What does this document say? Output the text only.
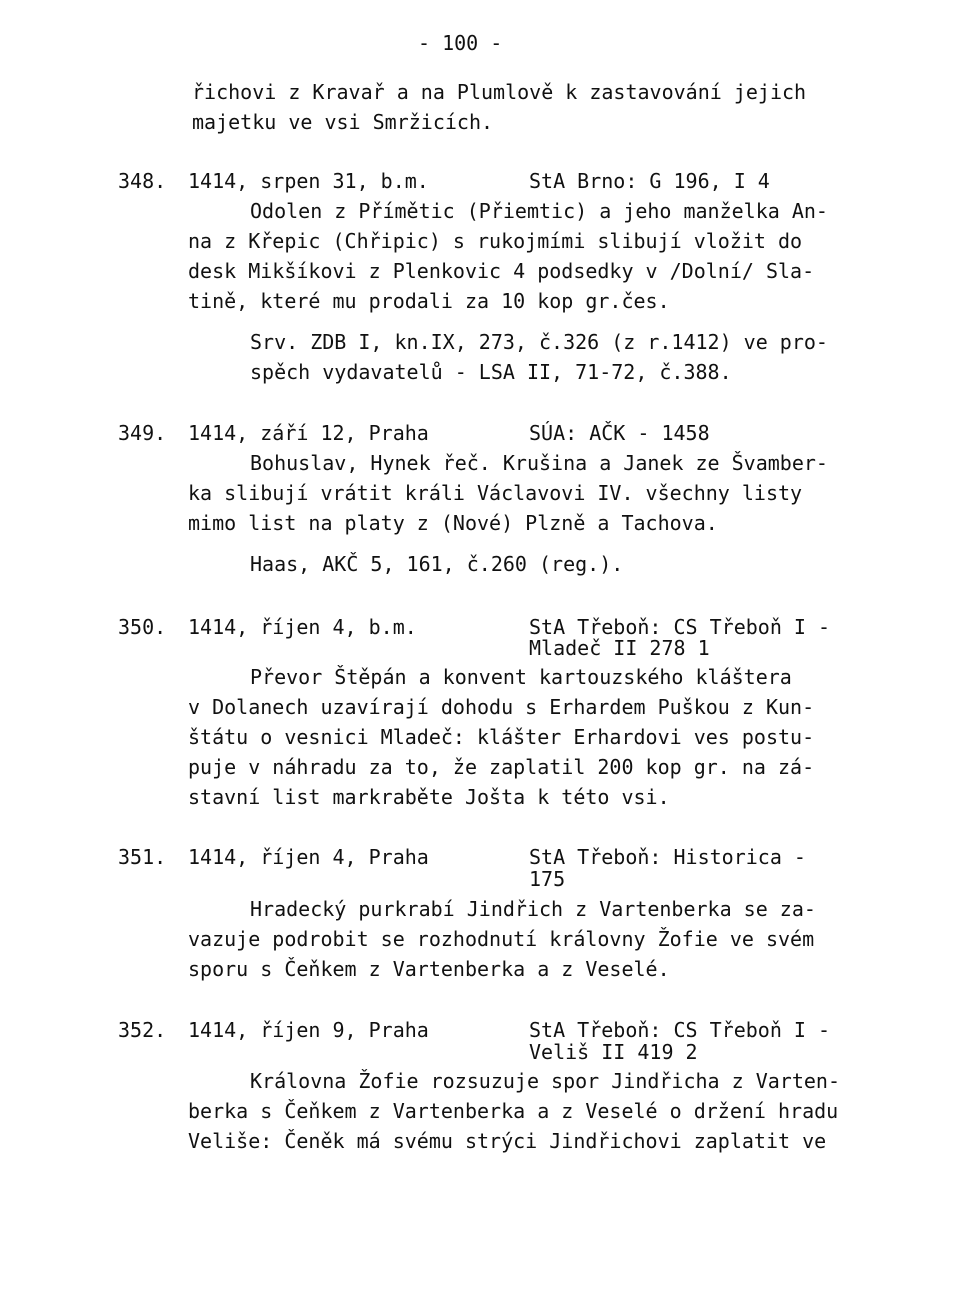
- 100 -
řichovi z Kravař a na Plumlově k zastavování jejich
majetku ve vsi Smržicích.
348. 1414, srpen 31, b.m.	StA Brno: G 196, I 4
Odolen z Přímětic (Přiemtic) a jeho manželka An-
na z Křepic (Chřipic) s rukojmími slibují vložit do
desk Mikšíkovi z Plenkovic 4 podsedky v /Dolní/ Sla-
tině, které mu prodali za 10 kop gr.čes.
Srv. ZDB I, kn.IX, 273, č.326 (z r.1412) ve pro-
spěch vydavatelů - LSA II, 71-72, č.388.
349. 1414, září 12, Praha	SÚA: AČK - 1458
Bohuslav, Hynek řeč. Krušina a Janek ze Švamber-
ka slibují vrátit králi Václavovi IV. všechny listy
mimo list na platy z (Nové) Plzně a Tachova.
Haas, AKČ 5, 161, č.260 (reg.).
350. 1414, říjen 4, b.m.	StA Třeboň: CS Třeboň I -
Mladeč II 278 1
Převor Štěpán a konvent kartouzského kláštera
v Dolanech uzavírají dohodu s Erhardem Puškou z Kun-
štátu o vesnici Mladeč: klášter Erhardovi ves postu-
puje v náhradu za to, že zaplatil 200 kop gr. na zá-
stavní list markraběte Jošta k této vsi.
351. 1414, říjen 4, Praha	StA Třeboň: Historica -
175
Hradecký purkrabí Jindřich z Vartenberka se za-
vazuje podrobit se rozhodnutí královny Žofie ve svém
sporu s Čeňkem z Vartenberka a z Veselé.
352. 1414, říjen 9, Praha	StA Třeboň: CS Třeboň I -
Veliš II 419 2
Královna Žofie rozsuzuje spor Jindřicha z Varten-
berka s Čeňkem z Vartenberka a z Veselé o držení hradu
Veliše: Čeněk má svému strýci Jindřichovi zaplatit ve
